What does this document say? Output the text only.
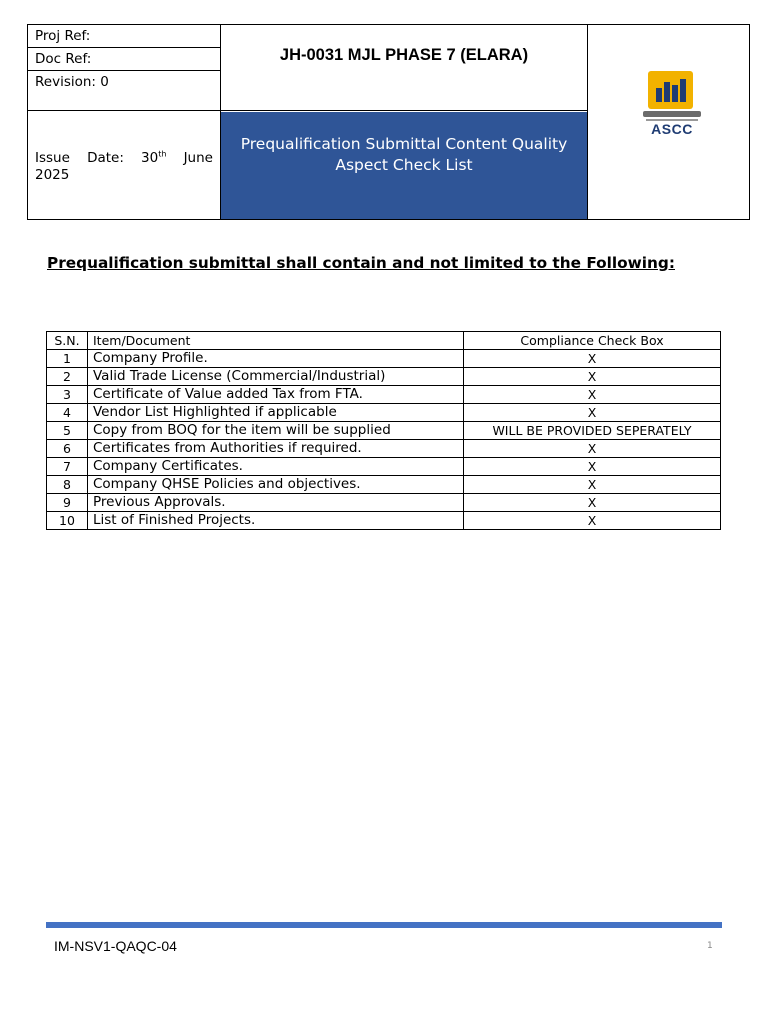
Proj Ref:
Doc Ref:
Revision: 0
JH-0031 MJL PHASE 7 (ELARA)
Issue Date: 30th June
2025
Prequalification Submittal Content Quality
Aspect Check List
ASCC
Prequalification submittal shall contain and not limited to the Following:
S.N.	Item/Document	Compliance Check Box
1	Company Profile.	X
2	Valid Trade License (Commercial/Industrial)	X
3	Certificate of Value added Tax from FTA.	X
4	Vendor List Highlighted if applicable	X
5	Copy from BOQ for the item will be supplied	WILL BE PROVIDED SEPERATELY
6	Certificates from Authorities if required.	X
7	Company Certificates.	X
8	Company QHSE Policies and objectives.	X
9	Previous Approvals.	X
10	List of Finished Projects.	X
IM-NSV1-QAQC-04	1
